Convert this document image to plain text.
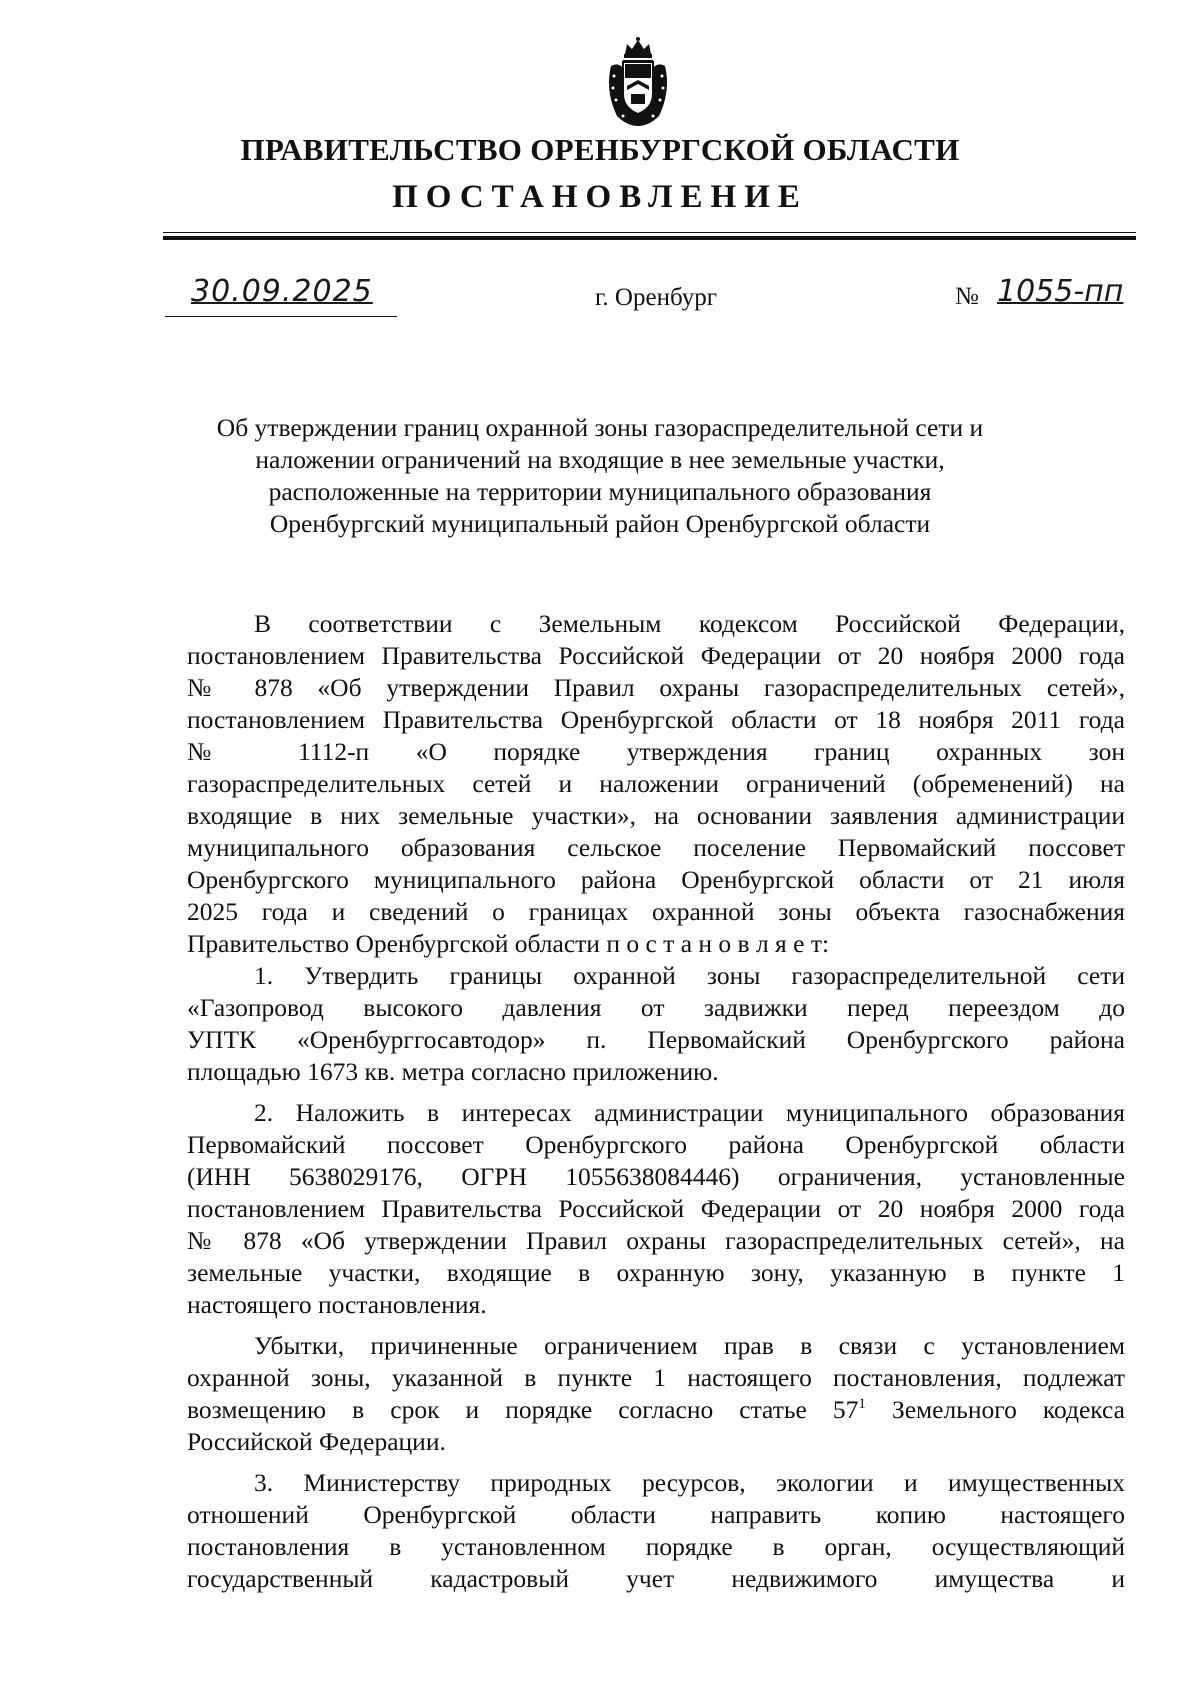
ПРАВИТЕЛЬСТВО ОРЕНБУРГСКОЙ ОБЛАСТИ
ПОСТАНОВЛЕНИЕ
30.09.2025	г. Оренбург	№ 1055-пп
Об утверждении границ охранной зоны газораспределительной сети и
наложении ограничений на входящие в нее земельные участки,
расположенные на территории муниципального образования
Оренбургский муниципальный район Оренбургской области
В соответствии с Земельным кодексом Российской Федерации,
постановлением Правительства Российской Федерации от 20 ноября 2000 года
№ 878 «Об утверждении Правил охраны газораспределительных сетей»,
постановлением Правительства Оренбургской области от 18 ноября 2011 года
№ 1112-п «О порядке утверждения границ охранных зон
газораспределительных сетей и наложении ограничений (обременений) на
входящие в них земельные участки», на основании заявления администрации
муниципального образования сельское поселение Первомайский поссовет
Оренбургского муниципального района Оренбургской области от 21 июля
2025 года и сведений о границах охранной зоны объекта газоснабжения
Правительство Оренбургской области п о с т а н о в л я е т:
1. Утвердить границы охранной зоны газораспределительной сети
«Газопровод высокого давления от задвижки перед переездом до
УПТК «Оренбурггосавтодор» п. Первомайский Оренбургского района
площадью 1673 кв. метра согласно приложению.
2. Наложить в интересах администрации муниципального образования
Первомайский поссовет Оренбургского района Оренбургской области
(ИНН 5638029176, ОГРН 1055638084446) ограничения, установленные
постановлением Правительства Российской Федерации от 20 ноября 2000 года
№ 878 «Об утверждении Правил охраны газораспределительных сетей», на
земельные участки, входящие в охранную зону, указанную в пункте 1
настоящего постановления.
Убытки, причиненные ограничением прав в связи с установлением
охранной зоны, указанной в пункте 1 настоящего постановления, подлежат
возмещению в срок и порядке согласно статье $57^1$ Земельного кодекса
Российской Федерации.
3. Министерству природных ресурсов, экологии и имущественных
отношений Оренбургской области направить копию настоящего
постановления в установленном порядке в орган, осуществляющий
государственный кадастровый учет недвижимого имущества и
